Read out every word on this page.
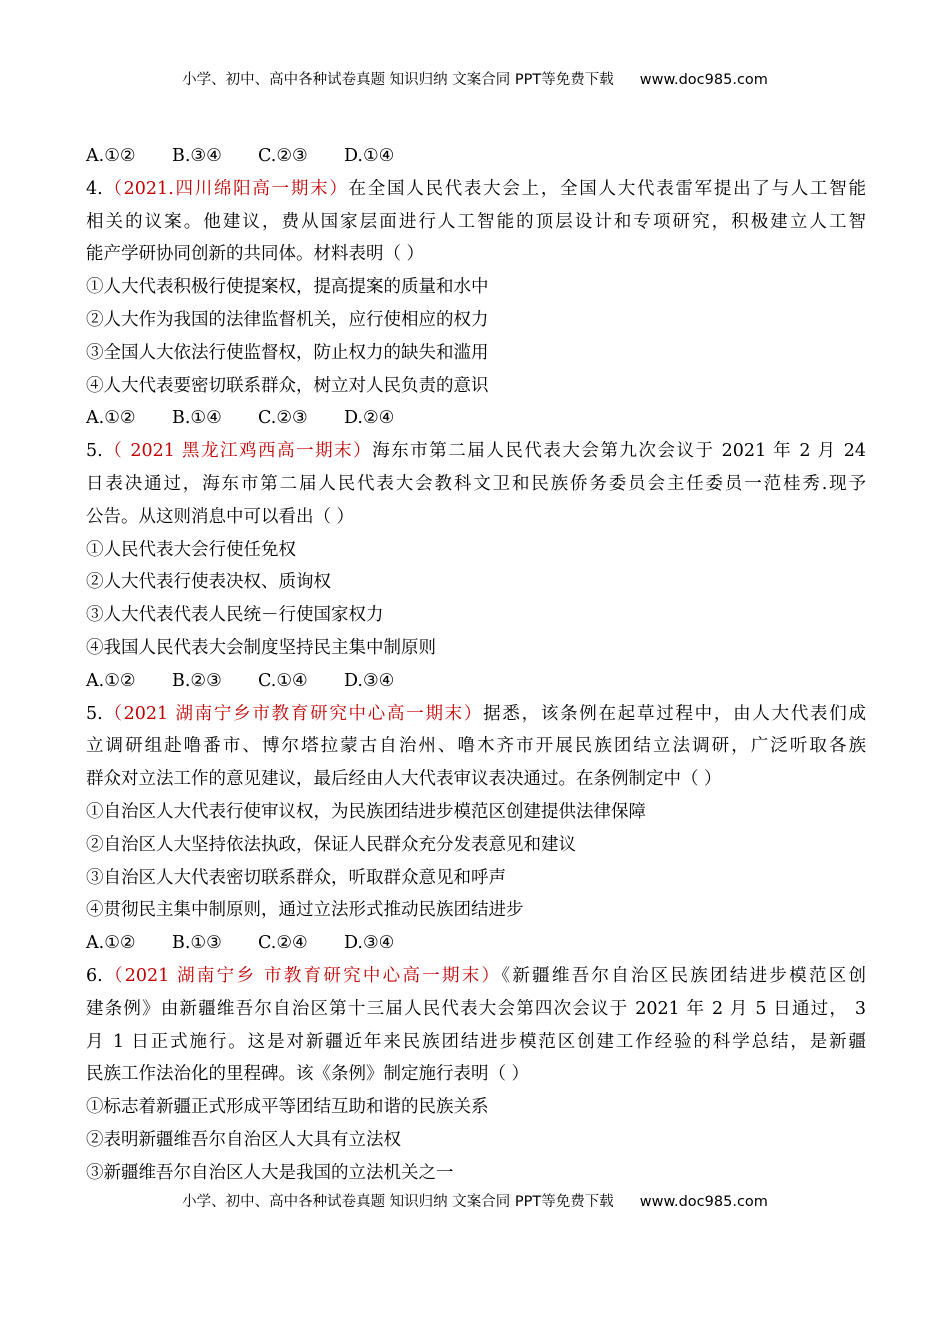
小学、初中、高中各种试卷真题 知识归纳 文案合同 PPT等免费下载 www.doc985.com
A.①② B.③④ C.②③ D.①④
4.（2021.四川绵阳高一期末）在全国人民代表大会上，全国人大代表雷军提出了与人工智能
相关的议案。他建议，费从国家层面进行人工智能的顶层设计和专项研究，积极建立人工智
能产学研协同创新的共同体。材料表明（ ）
①人大代表积极行使提案权，提高提案的质量和水中
②人大作为我国的法律监督机关，应行使相应的权力
③全国人大依法行使监督权，防止权力的缺失和滥用
④人大代表要密切联系群众，树立对人民负责的意识
A.①② B.①④ C.②③ D.②④
5.（ 2021 黑龙江鸡西高一期末）海东市第二届人民代表大会第九次会议于 2021 年 2 月 24
日表决通过，海东市第二届人民代表大会教科文卫和民族侨务委员会主任委员一范桂秀.现予
公告。从这则消息中可以看出（ ）
①人民代表大会行使任免权
②人大代表行使表决权、质询权
③人大代表代表人民统－行使国家权力
④我国人民代表大会制度坚持民主集中制原则
A.①② B.②③ C.①④ D.③④
5.（2021 湖南宁乡市教育研究中心高一期末）据悉，该条例在起草过程中，由人大代表们成
立调研组赴噜番市、博尔塔拉蒙古自治州、噜木齐市开展民族团结立法调研，广泛听取各族
群众对立法工作的意见建议，最后经由人大代表审议表决通过。在条例制定中（ ）
①自治区人大代表行使审议权，为民族团结进步模范区创建提供法律保障
②自治区人大坚持依法执政，保证人民群众充分发表意见和建议
③自治区人大代表密切联系群众，听取群众意见和呼声
④贯彻民主集中制原则，通过立法形式推动民族团结进步
A.①② B.①③ C.②④ D.③④
6.（2021 湖南宁乡 市教育研究中心高一期末）《新疆维吾尔自治区民族团结进步模范区创
建条例》由新疆维吾尔自治区第十三届人民代表大会第四次会议于 2021 年 2 月 5 日通过， 3
月 1 日正式施行。这是对新疆近年来民族团结进步模范区创建工作经验的科学总结，是新疆
民族工作法治化的里程碑。该《条例》制定施行表明（ ）
①标志着新疆正式形成平等团结互助和谐的民族关系
②表明新疆维吾尔自治区人大具有立法权
③新疆维吾尔自治区人大是我国的立法机关之一
小学、初中、高中各种试卷真题 知识归纳 文案合同 PPT等免费下载 www.doc985.com
